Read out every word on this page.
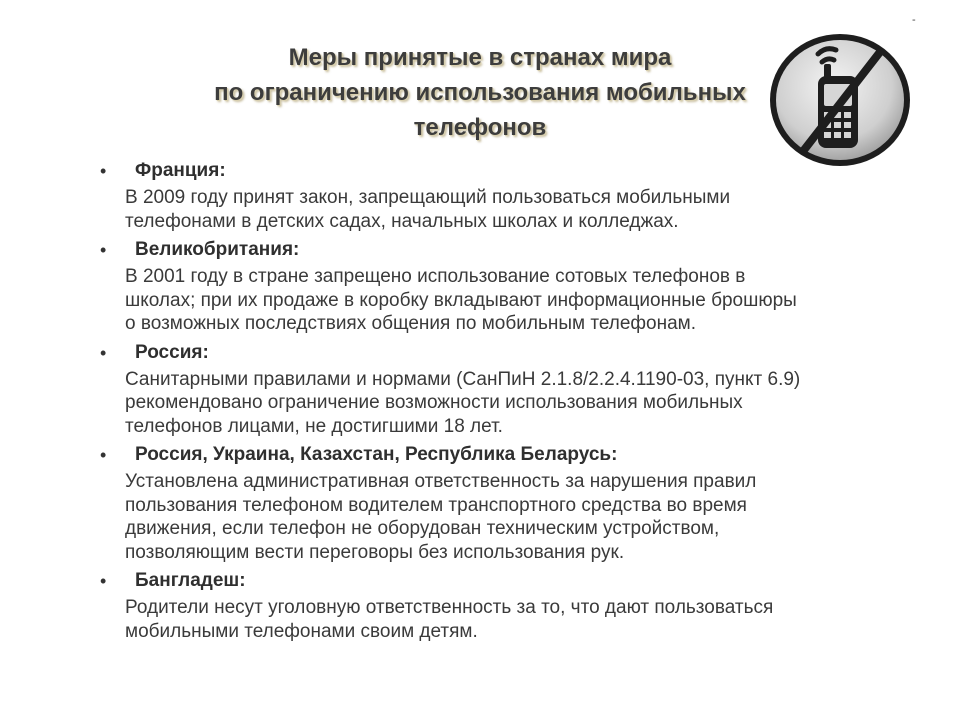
-
Меры принятые в странах мира
по ограничению использования мобильных
телефонов
• Франция:
В 2009 году принят закон, запрещающий пользоваться мобильными
телефонами в детских садах, начальных школах и колледжах.
• Великобритания:
В 2001 году в стране запрещено использование сотовых телефонов в
школах; при их продаже в коробку вкладывают информационные брошюры
о возможных последствиях общения по мобильным телефонам.
• Россия:
Санитарными правилами и нормами (СанПиН 2.1.8/2.2.4.1190-03, пункт 6.9)
рекомендовано ограничение возможности использования мобильных
телефонов лицами, не достигшими 18 лет.
• Россия, Украина, Казахстан, Республика Беларусь:
Установлена административная ответственность за нарушения правил
пользования телефоном водителем транспортного средства во время
движения, если телефон не оборудован техническим устройством,
позволяющим вести переговоры без использования рук.
• Бангладеш:
Родители несут уголовную ответственность за то, что дают пользоваться
мобильными телефонами своим детям.
